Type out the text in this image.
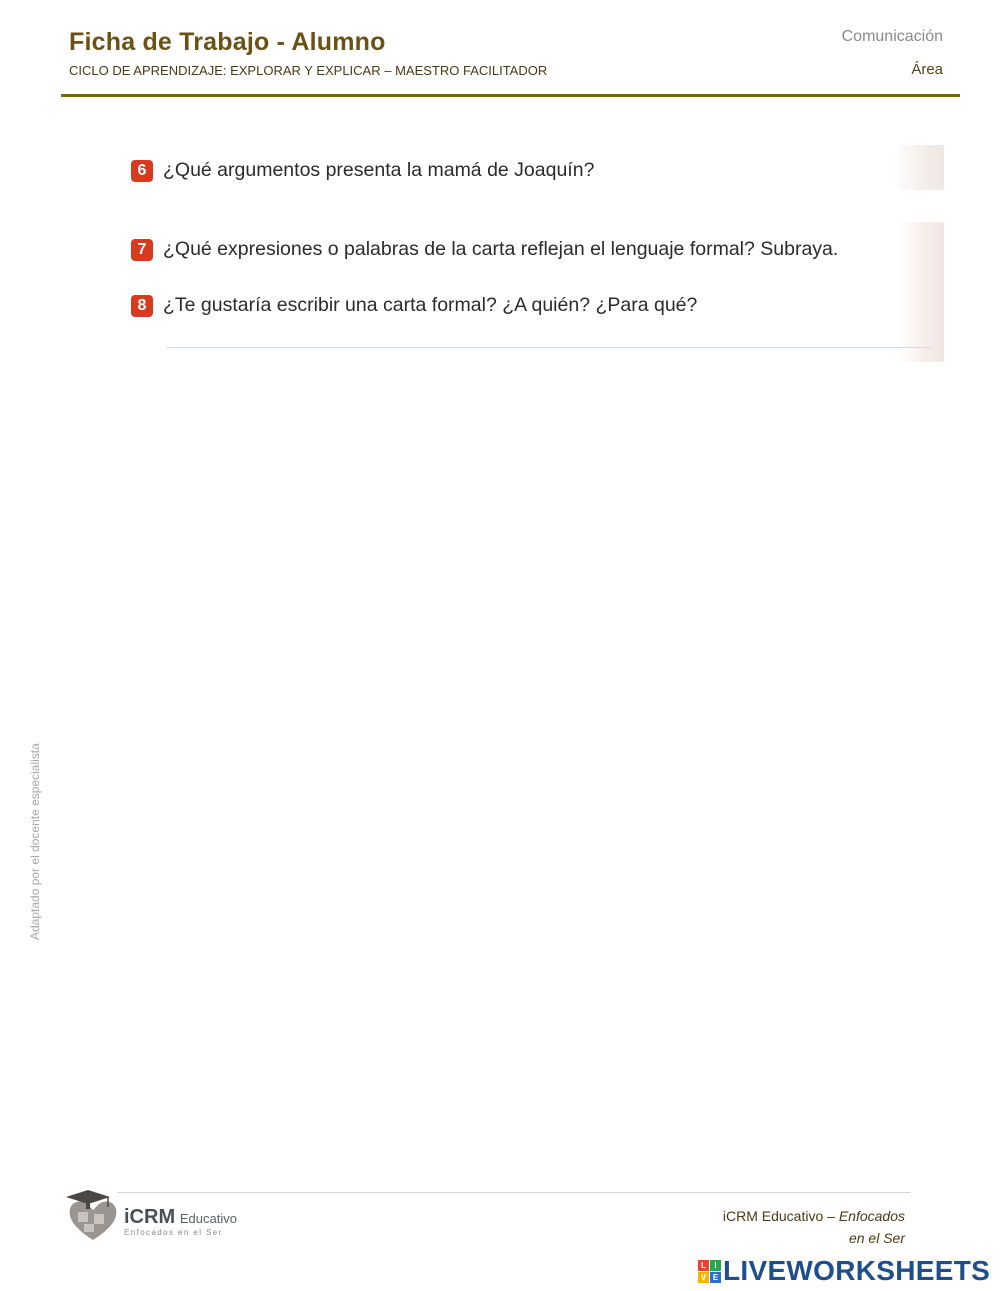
Ficha de Trabajo - Alumno
CICLO DE APRENDIZAJE: EXPLORAR Y EXPLICAR – MAESTRO FACILITADOR
Comunicación
Área
6 ¿Qué argumentos presenta la mamá de Joaquín?
7 ¿Qué expresiones o palabras de la carta reflejan el lenguaje formal? Subraya.
8 ¿Te gustaría escribir una carta formal? ¿A quién? ¿Para qué?
Adaptado por el docente especialista
iCRM Educativo
Enfocados en el Ser
iCRM Educativo – Enfocados
en el Ser
L	I
V E LIVEWORKSHEETS
